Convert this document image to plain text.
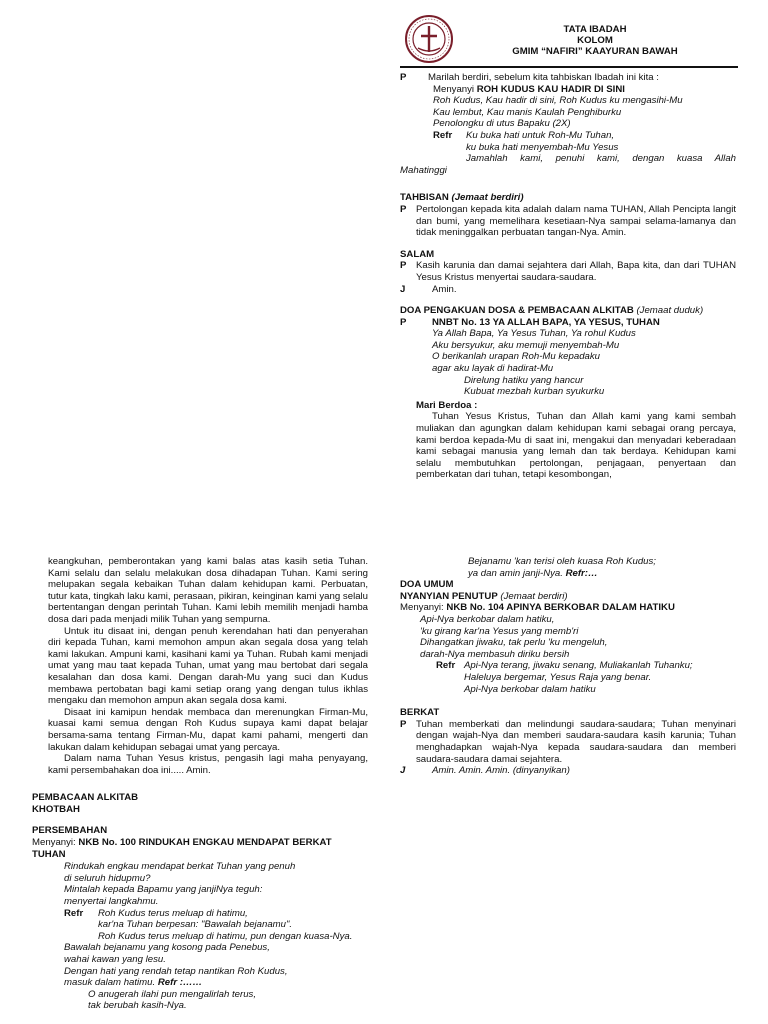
TATA IBADAH
KOLOM
GMIM “NAFIRI” KAAYURAN BAWAH
P Marilah berdiri, sebelum kita tahbiskan Ibadah ini kita :
Menyanyi ROH KUDUS KAU HADIR DI SINI
Roh Kudus, Kau hadir di sini, Roh Kudus ku mengasihi-Mu
Kau lembut, Kau manis Kaulah Penghiburku
Penolongku di utus Bapaku (2X)
Refr Ku buka hati untuk Roh-Mu Tuhan,
ku buka hati menyembah-Mu Yesus
Jamahlah kami, penuhi kami, dengan kuasa Allah
Mahatinggi
TAHBISAN (Jemaat berdiri)
P Pertolongan kepada kita adalah dalam nama TUHAN, Allah Pencipta langit dan bumi, yang memelihara kesetiaan-Nya sampai selama-lamanya dan tidak meninggalkan perbuatan tangan-Nya. Amin.
SALAM
P Kasih karunia dan damai sejahtera dari Allah, Bapa kita, dan dari TUHAN Yesus Kristus menyertai saudara-saudara.
J	Amin.
DOA PENGAKUAN DOSA & PEMBACAAN ALKITAB (Jemaat duduk)
P	NNBT No. 13 YA ALLAH BAPA, YA YESUS, TUHAN
Ya Allah Bapa, Ya Yesus Tuhan, Ya rohul Kudus
Aku bersyukur, aku memuji menyembah-Mu
O berikanlah urapan Roh-Mu kepadaku
agar aku layak di hadirat-Mu
Direlung hatiku yang hancur
Kubuat mezbah kurban syukurku
Mari Berdoa :
Tuhan Yesus Kristus, Tuhan dan Allah kami yang kami sembah muliakan dan agungkan dalam kehidupan kami sebagai orang percaya, kami berdoa kepada-Mu di saat ini, mengakui dan menyadari keberadaan kami sebagai manusia yang lemah dan tak berdaya. Kehidupan kami selalu membutuhkan pertolongan, penjagaan, penyertaan dan pemberkatan dari tuhan, tetapi kesombongan,
keangkuhan, pemberontakan yang kami balas atas kasih setia Tuhan. Kami selalu dan selalu melakukan dosa dihadapan Tuhan. Kami sering melupakan segala kebaikan Tuhan dalam kehidupan kami. Perbuatan, tutur kata, tingkah laku kami, perasaan, pikiran, keinginan kami yang selalu bertentangan dengan perintah Tuhan. Kami lebih memilih menjadi hamba dosa dari pada menjadi milik Tuhan yang sempurna.
Untuk itu disaat ini, dengan penuh kerendahan hati dan penyerahan diri kepada Tuhan, kami memohon ampun akan segala dosa yang telah kami lakukan. Ampuni kami, kasihani kami ya Tuhan. Rubah kami menjadi umat yang mau taat kepada Tuhan, umat yang mau bertobat dari segala kesalahan dan dosa kami. Dengan darah-Mu yang suci dan Kudus membawa pertobatan bagi kami setiap orang yang dengan tulus ikhlas mengaku dan memohon ampun akan segala dosa kami.
Disaat ini kamipun hendak membaca dan merenungkan Firman-Mu, kuasai kami semua dengan Roh Kudus supaya kami dapat belajar bersama-sama tentang Firman-Mu, dapat kami pahami, mengerti dan lakukan dalam kehidupan sebagai umat yang percaya.
Dalam nama Tuhan Yesus kristus, pengasih lagi maha penyayang, kami persembahakan doa ini..... Amin.
PEMBACAAN ALKITAB
KHOTBAH
PERSEMBAHAN
Menyanyi: NKB No. 100 RINDUKAH ENGKAU MENDAPAT BERKAT
TUHAN
Rindukah engkau mendapat berkat Tuhan yang penuh
di seluruh hidupmu?
Mintalah kepada Bapamu yang janjiNya teguh:
menyertai langkahmu.
Refr Roh Kudus terus meluap di hatimu,
kar'na Tuhan berpesan: "Bawalah bejanamu".
Roh Kudus terus meluap di hatimu, pun dengan kuasa-Nya.
Bawalah bejanamu yang kosong pada Penebus,
wahai kawan yang lesu.
Dengan hati yang rendah tetap nantikan Roh Kudus,
masuk dalam hatimu. Refr :……
O anugerah ilahi pun mengalirlah terus,
tak berubah kasih-Nya.
Bejanamu 'kan terisi oleh kuasa Roh Kudus;
ya dan amin janji-Nya. Refr:…
DOA UMUM
NYANYIAN PENUTUP (Jemaat berdiri)
Menyanyi: NKB No. 104 APINYA BERKOBAR DALAM HATIKU
Api-Nya berkobar dalam hatiku,
'ku girang kar'na Yesus yang memb'ri
Dihangatkan jiwaku, tak perlu 'ku mengeluh,
darah-Nya membasuh diriku bersih
Refr Api-Nya terang, jiwaku senang, Muliakanlah Tuhanku;
Haleluya bergemar, Yesus Raja yang benar.
Api-Nya berkobar dalam hatiku
BERKAT
P Tuhan memberkati dan melindungi saudara-saudara; Tuhan menyinari dengan wajah-Nya dan memberi saudara-saudara kasih karunia; Tuhan menghadapkan wajah-Nya kepada saudara-saudara dan memberi saudara-saudara damai sejahtera.
J	Amin. Amin. Amin. (dinyanyikan)
